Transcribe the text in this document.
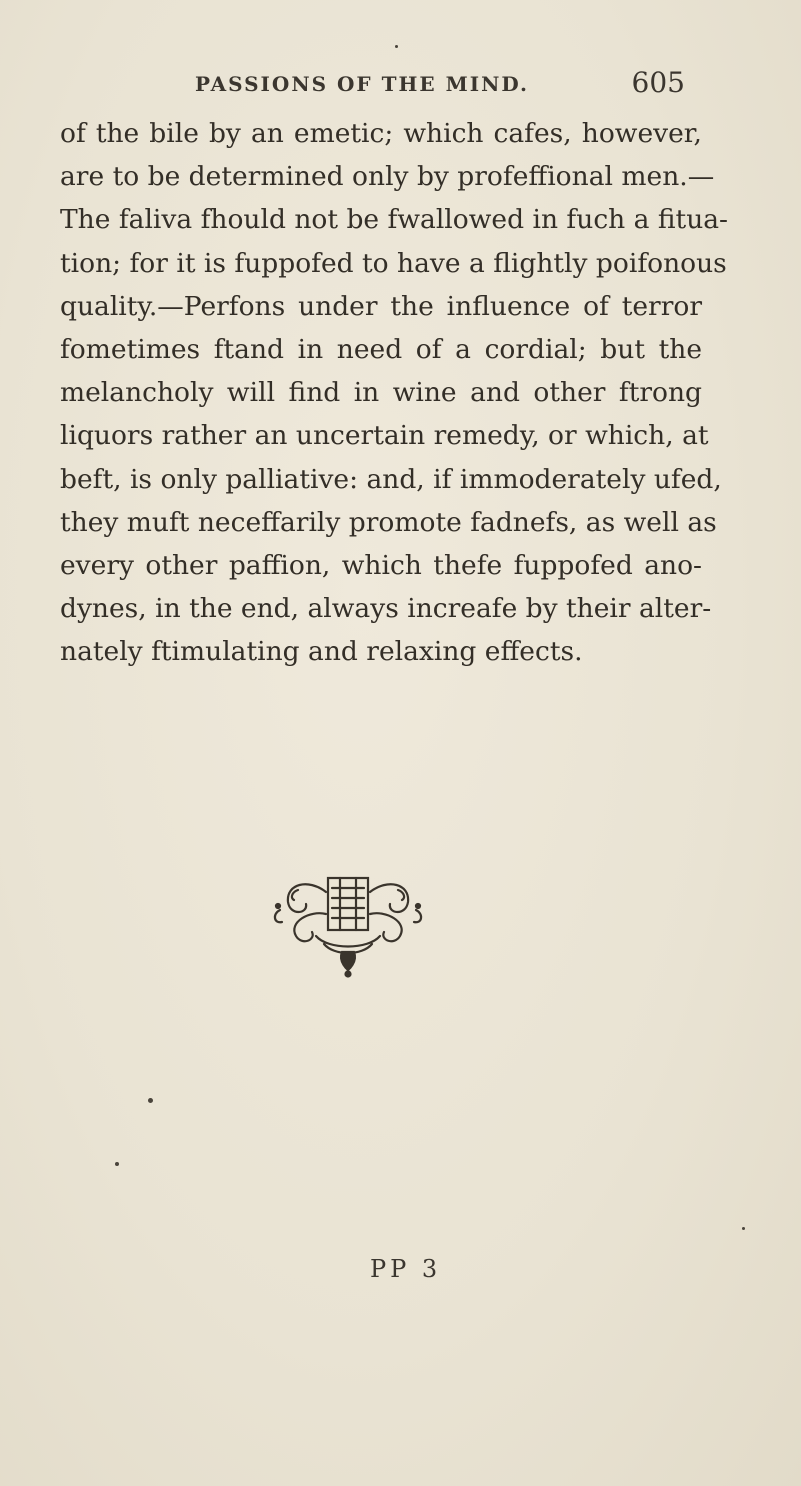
PASSIONS OF THE MIND.	605
of the bile by an emetic; which cafes, however,
are to be determined only by profeffional men.—
The faliva fhould not be fwallowed in fuch a fitua-
tion; for it is fuppofed to have a flightly poifonous
quality.—Perfons under the influence of terror
fometimes ftand in need of a cordial; but the
melancholy will find in wine and other ftrong
liquors rather an uncertain remedy, or which, at
beft, is only palliative: and, if immoderately ufed,
they muft neceffarily promote fadnefs, as well as
every other paffion, which thefe fuppofed ano-
dynes, in the end, always increafe by their alter-
nately ftimulating and relaxing effects.
PP 3
